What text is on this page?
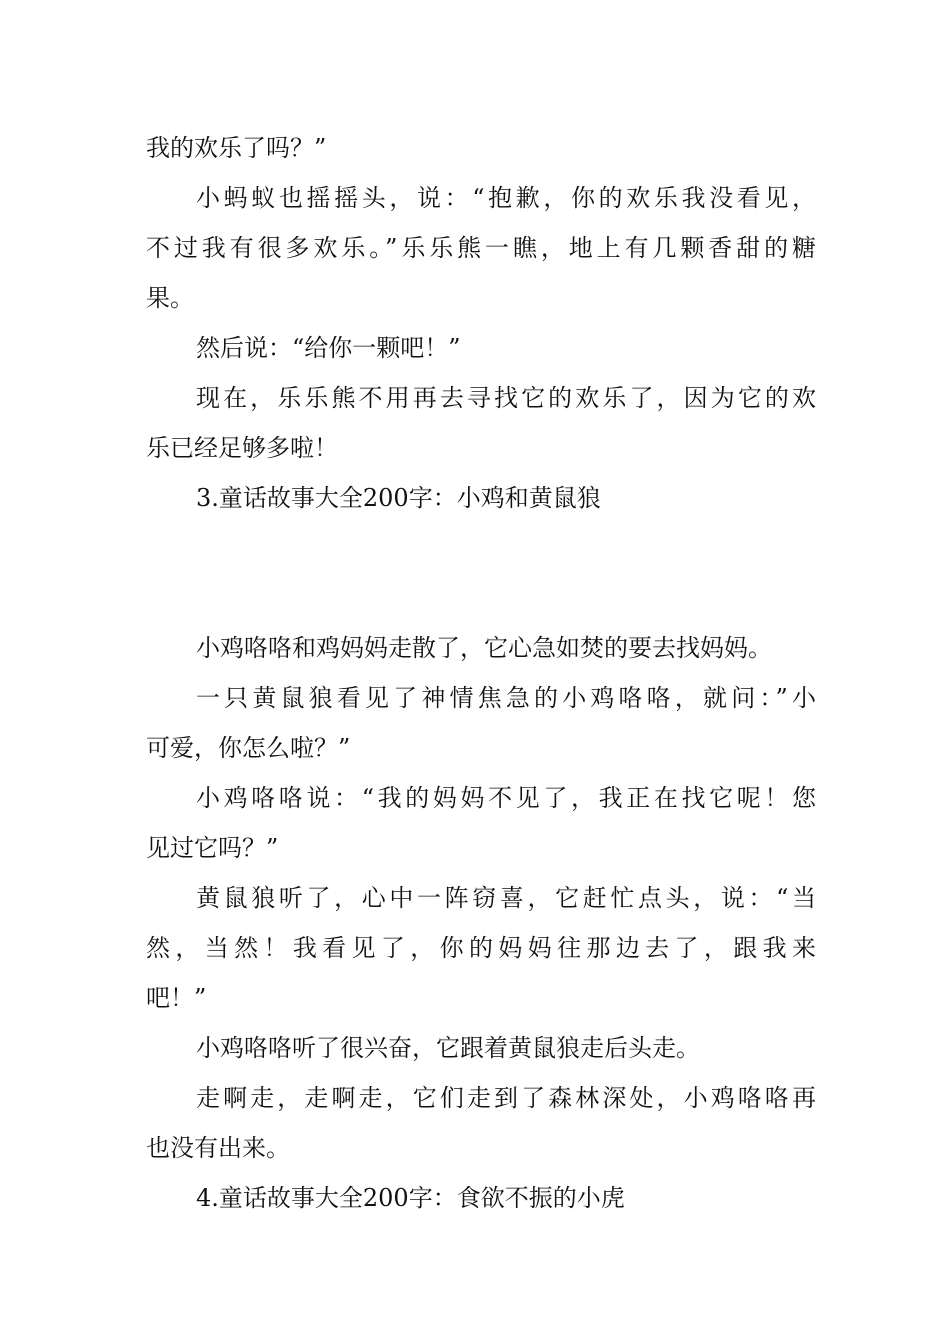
我的欢乐了吗？”
小蚂蚁也摇摇头，说：“抱歉，你的欢乐我没看见，
不过我有很多欢乐。”乐乐熊一瞧，地上有几颗香甜的糖
果。
然后说：“给你一颗吧！”
现在，乐乐熊不用再去寻找它的欢乐了，因为它的欢
乐已经足够多啦！
3.童话故事大全200字：小鸡和黄鼠狼
小鸡咯咯和鸡妈妈走散了，它心急如焚的要去找妈妈。
一只黄鼠狼看见了神情焦急的小鸡咯咯，就问：”小
可爱，你怎么啦？”
小鸡咯咯说：“我的妈妈不见了，我正在找它呢！您
见过它吗？”
黄鼠狼听了，心中一阵窃喜，它赶忙点头，说：“当
然，当然！我看见了，你的妈妈往那边去了，跟我来
吧！”
小鸡咯咯听了很兴奋，它跟着黄鼠狼走后头走。
走啊走，走啊走，它们走到了森林深处，小鸡咯咯再
也没有出来。
4.童话故事大全200字：食欲不振的小虎
